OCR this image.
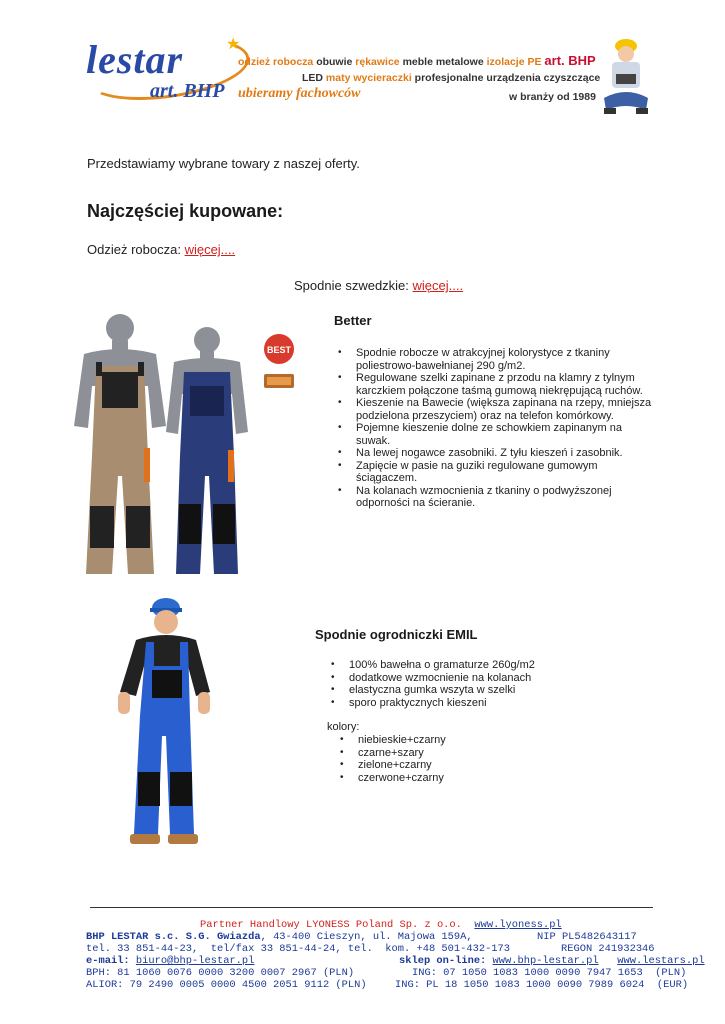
lestar	★
art. BHP ubieramy fachowców
odzież robocza obuwie rękawice meble metalowe izolacje PE art. BHP
LED maty wycieraczki profesjonalne urządzenia czyszczące
w branży od 1989
Przedstawiamy wybrane towary z naszej oferty.
Najczęściej kupowane:
Odzież robocza: więcej....
Spodnie szwedzkie: więcej....
BEST
Better
• Spodnie robocze w atrakcyjnej kolorystyce z tkaniny poliestrowo-bawełnianej 290 g/m2.
• Regulowane szelki zapinane z przodu na klamry z tylnym karczkiem połączone taśmą gumową niekrępującą ruchów.
• Kieszenie na Bawecie (większa zapinana na rzepy, mniejsza podzielona przeszyciem) oraz na telefon komórkowy.
• Pojemne kieszenie dolne ze schowkiem zapinanym na suwak.
• Na lewej nogawce zasobniki. Z tyłu kieszeń i zasobnik.
• Zapięcie w pasie na guziki regulowane gumowym ściągaczem.
• Na kolanach wzmocnienia z tkaniny o podwyższonej odporności na ścieranie.
Spodnie ogrodniczki EMIL
• 100% bawełna o gramaturze 260g/m2
• dodatkowe wzmocnienie na kolanach
• elastyczna gumka wszyta w szelki
• sporo praktycznych kieszeni
kolory:
• niebieskie+czarny
• czarne+szary
• zielone+czarny
• czerwone+czarny
Partner Handlowy LYONESS Poland Sp. z o.o. www.lyoness.pl
BHP LESTAR s.c. S.G. Gwiazda, 43-400 Cieszyn, ul. Majowa 159A,	NIP PL5482643117
tel. 33 851-44-23,  tel/fax 33 851-44-24, tel.  kom. +48 501-432-173	REGON 241932346
e-mail: biuro@bhp-lestar.pl	sklep on-line: www.bhp-lestar.pl www.lestars.pl
BPH: 81 1060 0076 0000 3200 0007 2967 (PLN)	ING: 07 1050 1083 1000 0090 7947 1653  (PLN)
ALIOR: 79 2490 0005 0000 4500 2051 9112 (PLN)	ING: PL 18 1050 1083 1000 0090 7989 6024  (EUR)
